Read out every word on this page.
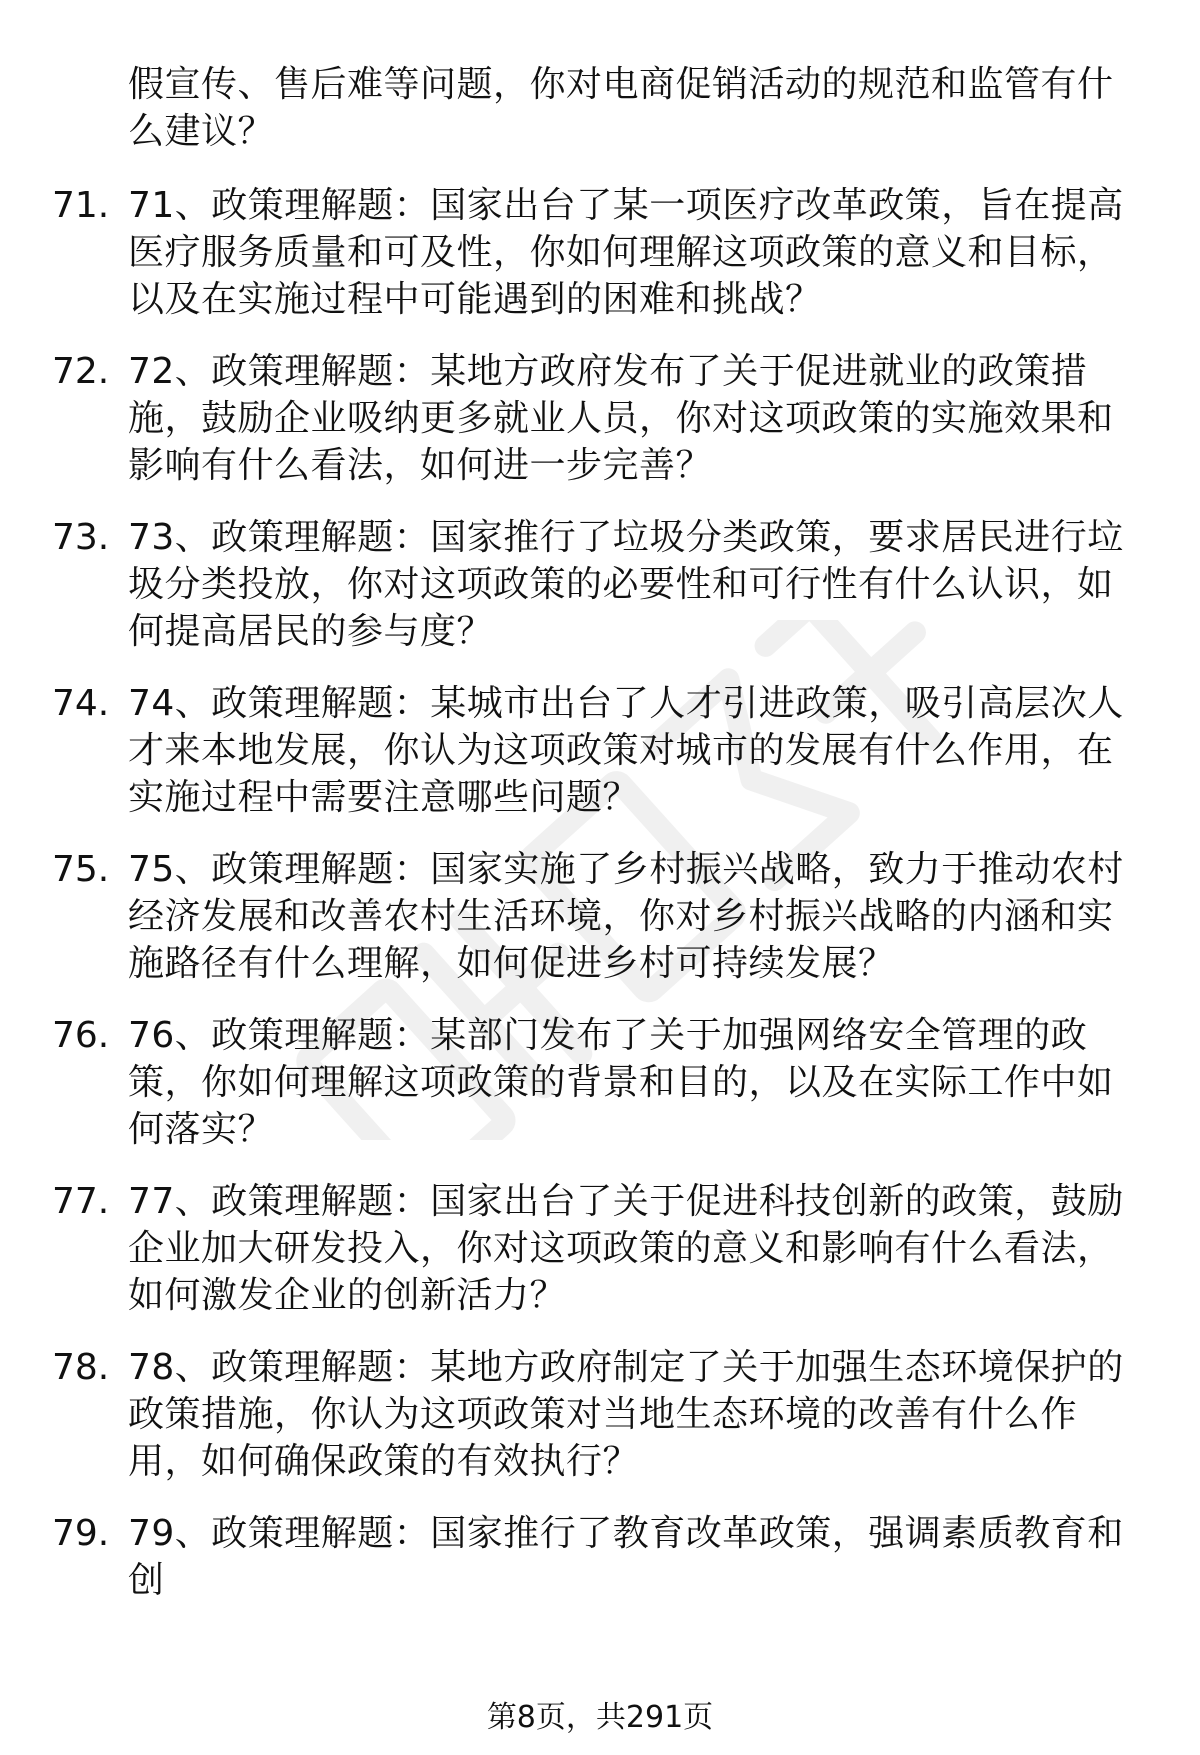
假宣传、售后难等问题，你对电商促销活动的规范和监管有什么建议？
71. 71、政策理解题：国家出台了某一项医疗改革政策，旨在提高医疗服务质量和可及性，你如何理解这项政策的意义和目标，以及在实施过程中可能遇到的困难和挑战？
72. 72、政策理解题：某地方政府发布了关于促进就业的政策措施，鼓励企业吸纳更多就业人员，你对这项政策的实施效果和影响有什么看法，如何进一步完善？
73. 73、政策理解题：国家推行了垃圾分类政策，要求居民进行垃圾分类投放，你对这项政策的必要性和可行性有什么认识，如何提高居民的参与度？
74. 74、政策理解题：某城市出台了人才引进政策，吸引高层次人才来本地发展，你认为这项政策对城市的发展有什么作用，在实施过程中需要注意哪些问题？
75. 75、政策理解题：国家实施了乡村振兴战略，致力于推动农村经济发展和改善农村生活环境，你对乡村振兴战略的内涵和实施路径有什么理解，如何促进乡村可持续发展？
76. 76、政策理解题：某部门发布了关于加强网络安全管理的政策，你如何理解这项政策的背景和目的，以及在实际工作中如何落实？
77. 77、政策理解题：国家出台了关于促进科技创新的政策，鼓励企业加大研发投入，你对这项政策的意义和影响有什么看法，如何激发企业的创新活力？
78. 78、政策理解题：某地方政府制定了关于加强生态环境保护的政策措施，你认为这项政策对当地生态环境的改善有什么作用，如何确保政策的有效执行？
79. 79、政策理解题：国家推行了教育改革政策，强调素质教育和创
第8页，共291页
